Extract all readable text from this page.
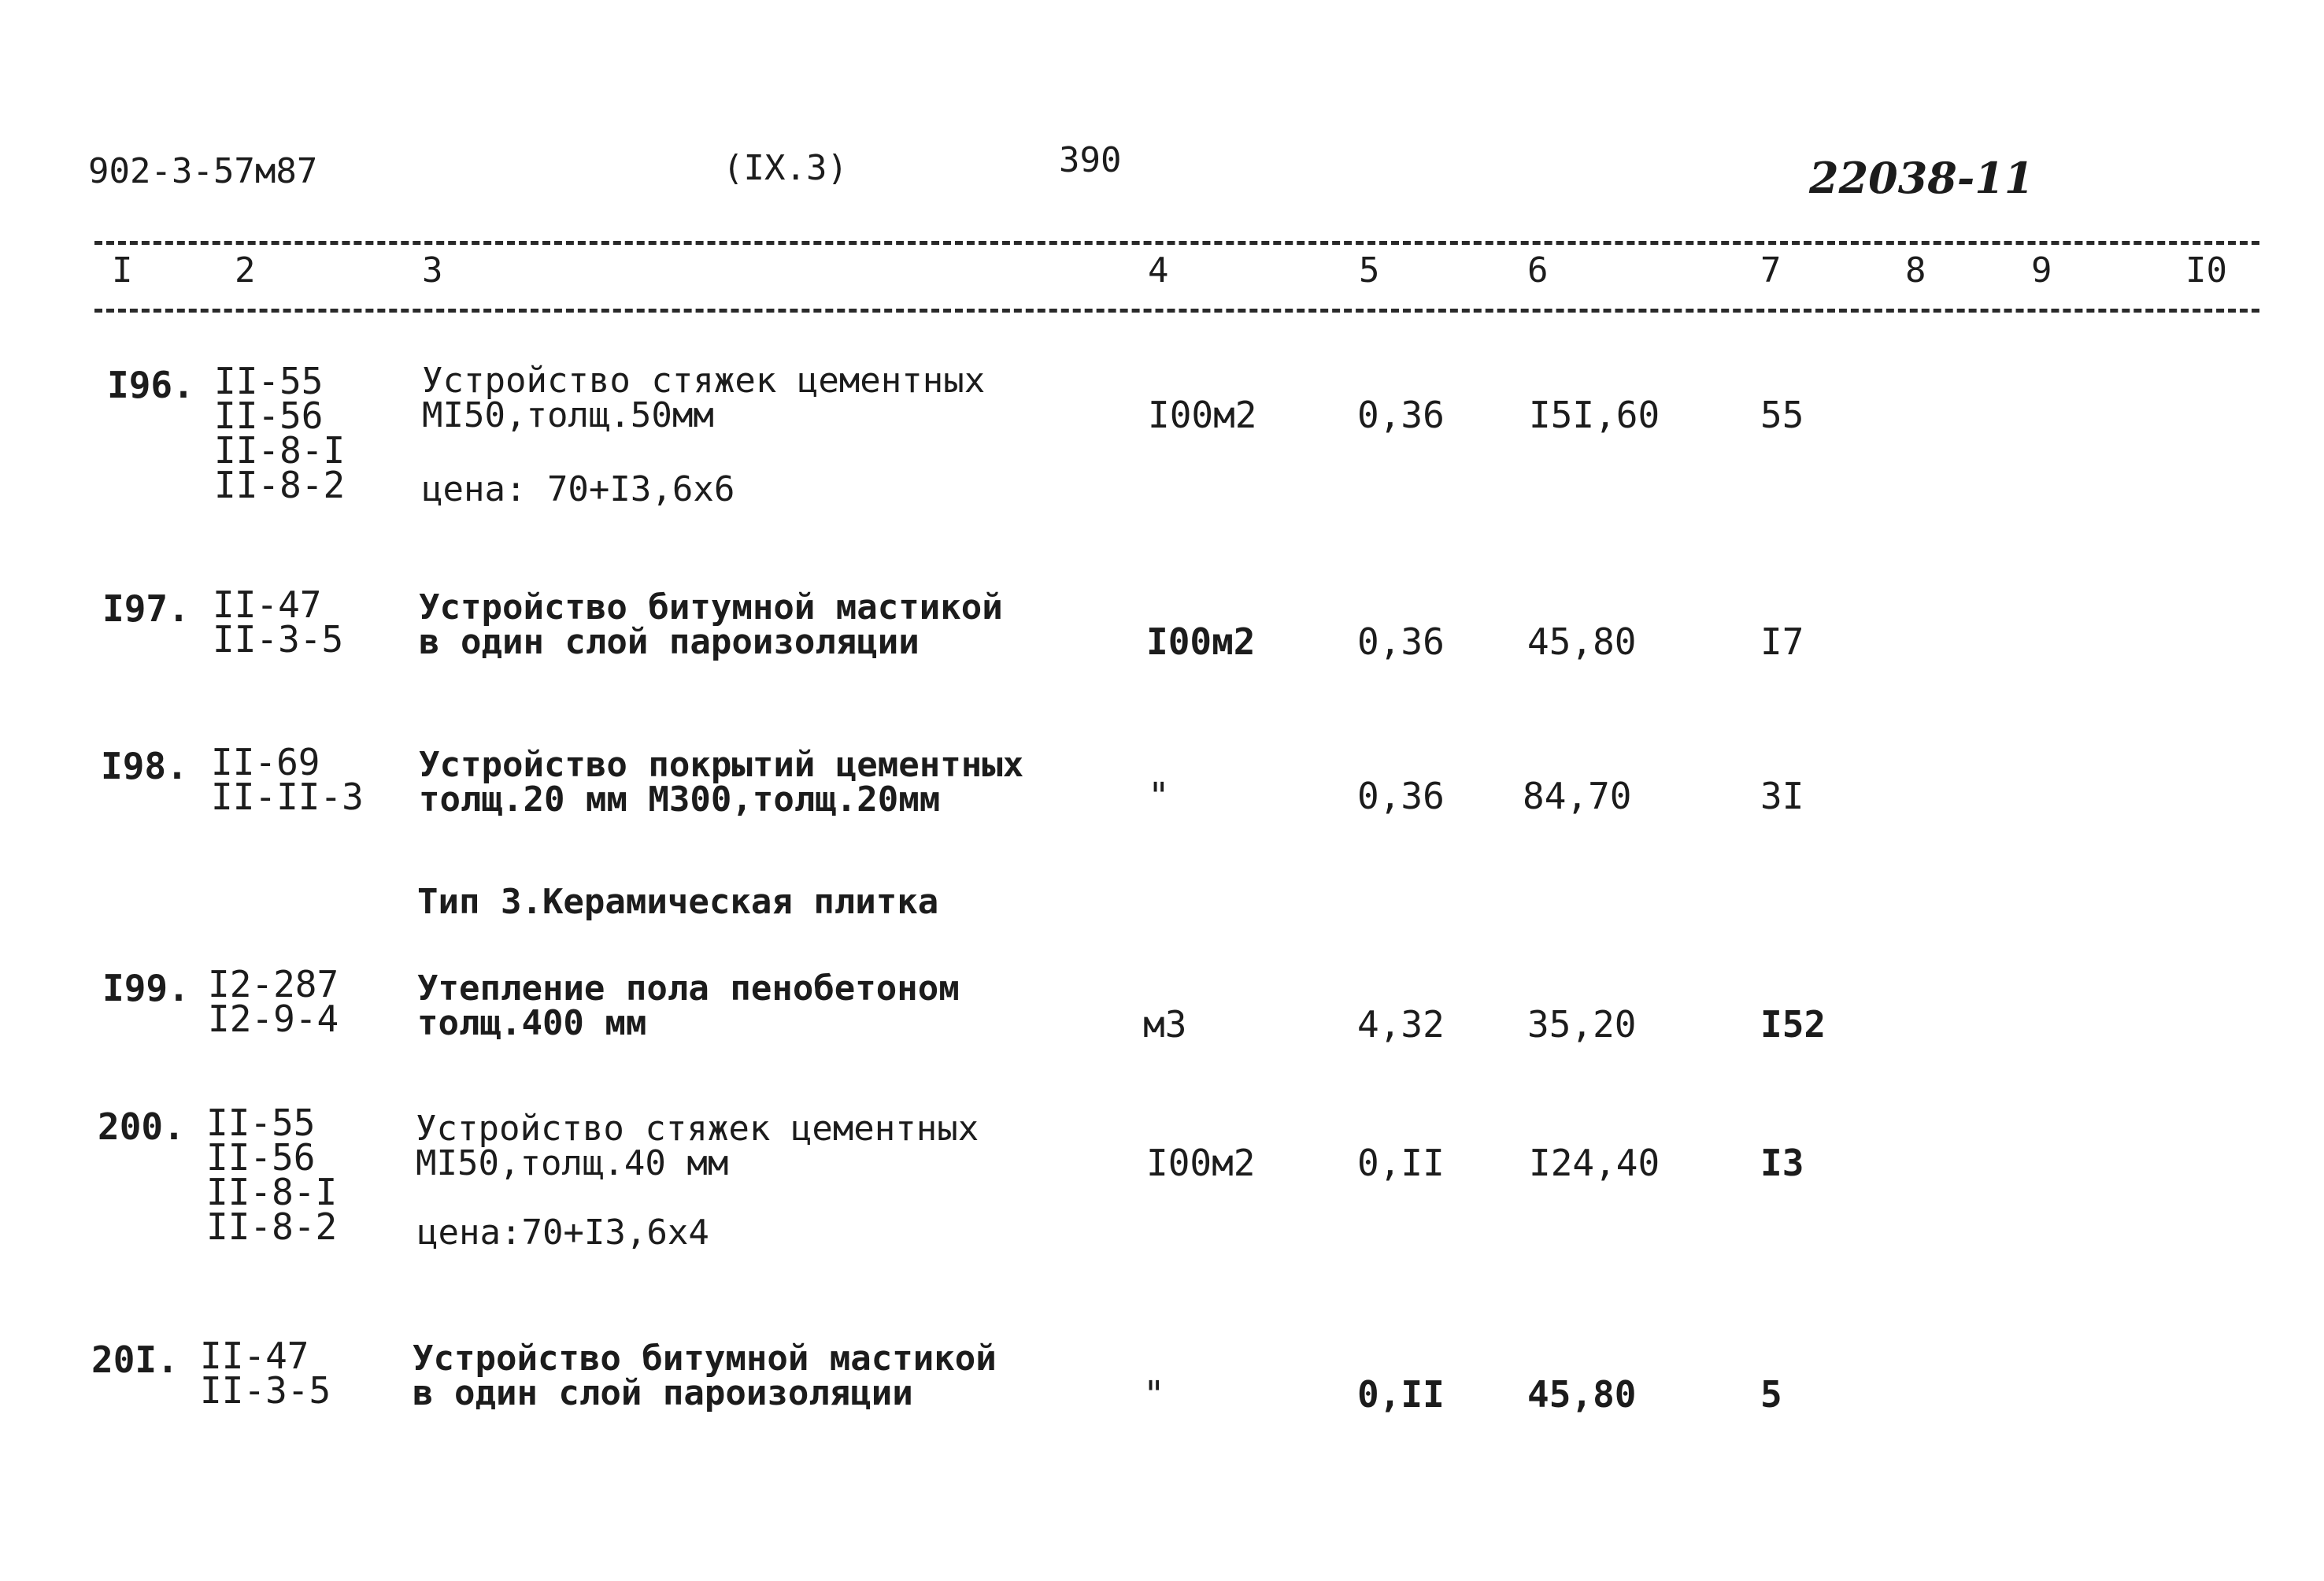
902-3-57м87	(IX.3)	390	22038-11
I	2	3	4	5	6	7	8	9	I0
I96. II-55
II-56
II-8-I
II-8-2
Устройство стяжек цементных
МI50,толщ.50мм
цена: 70+I3,6х6
I00м2	0,36 I5I,60	55
I97. II-47
II-3-5
Устройство битумной мастикой
в один слой пароизоляции	I00м2	0,36 45,80	I7
I98. II-69
II-II-3
Устройство покрытий цементных
толщ.20 мм М300,толщ.20мм	"	0,36 84,70	3I
Тип 3.Керамическая плитка
I99. I2-287
I2-9-4
Утепление пола пенобетоном
толщ.400 мм	м3	4,32 35,20	I52
200. II-55
II-56
II-8-I
II-8-2
Устройство стяжек цементных
МI50,толщ.40 мм
цена:70+I3,6х4
I00м2	0,II I24,40	I3
20I. II-47
II-3-5
Устройство битумной мастикой
в один слой пароизоляции	"	0,II 45,80	5
